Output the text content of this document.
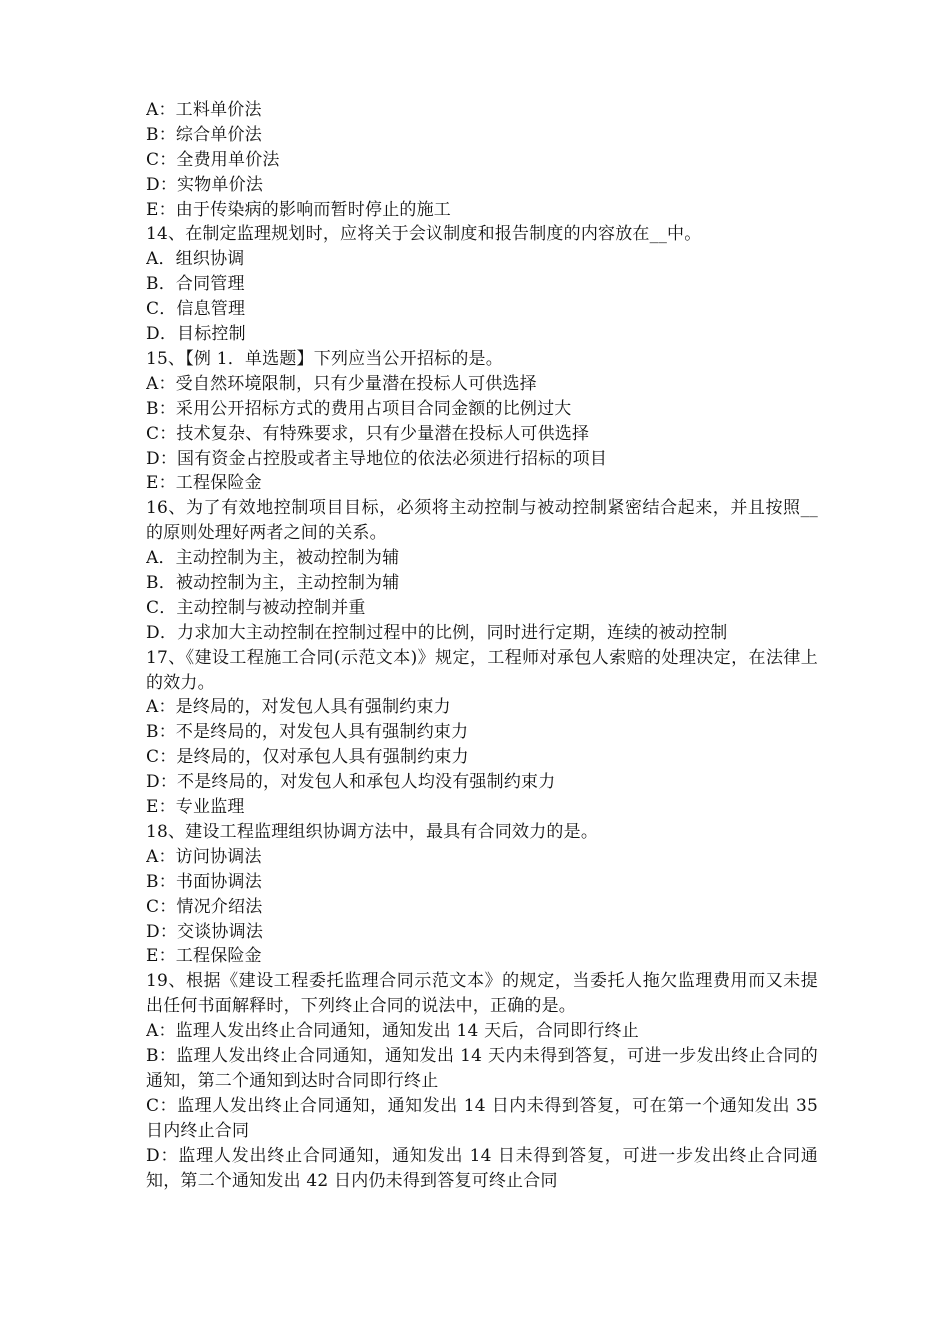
A：工料单价法
B：综合单价法
C：全费用单价法
D：实物单价法
E：由于传染病的影响而暂时停止的施工
14、在制定监理规划时，应将关于会议制度和报告制度的内容放在__中。
A．组织协调
B．合同管理
C．信息管理
D．目标控制
15、【例 1．单选题】下列应当公开招标的是。
A：受自然环境限制，只有少量潜在投标人可供选择
B：采用公开招标方式的费用占项目合同金额的比例过大
C：技术复杂、有特殊要求，只有少量潜在投标人可供选择
D：国有资金占控股或者主导地位的依法必须进行招标的项目
E：工程保险金
16、为了有效地控制项目目标，必须将主动控制与被动控制紧密结合起来，并且按照__的原则处理好两者之间的关系。
A．主动控制为主，被动控制为辅
B．被动控制为主，主动控制为辅
C．主动控制与被动控制并重
D．力求加大主动控制在控制过程中的比例，同时进行定期，连续的被动控制
17、《建设工程施工合同(示范文本)》规定，工程师对承包人索赔的处理决定，在法律上的效力。
A：是终局的，对发包人具有强制约束力
B：不是终局的，对发包人具有强制约束力
C：是终局的，仅对承包人具有强制约束力
D：不是终局的，对发包人和承包人均没有强制约束力
E：专业监理
18、建设工程监理组织协调方法中，最具有合同效力的是。
A：访问协调法
B：书面协调法
C：情况介绍法
D：交谈协调法
E：工程保险金
19、根据《建设工程委托监理合同示范文本》的规定，当委托人拖欠监理费用而又未提出任何书面解释时，下列终止合同的说法中，正确的是。
A：监理人发出终止合同通知，通知发出 14 天后，合同即行终止
B：监理人发出终止合同通知，通知发出 14 天内未得到答复，可进一步发出终止合同的通知，第二个通知到达时合同即行终止
C：监理人发出终止合同通知，通知发出 14 日内未得到答复，可在第一个通知发出 35 日内终止合同
D：监理人发出终止合同通知，通知发出 14 日未得到答复，可进一步发出终止合同通知，第二个通知发出 42 日内仍未得到答复可终止合同
